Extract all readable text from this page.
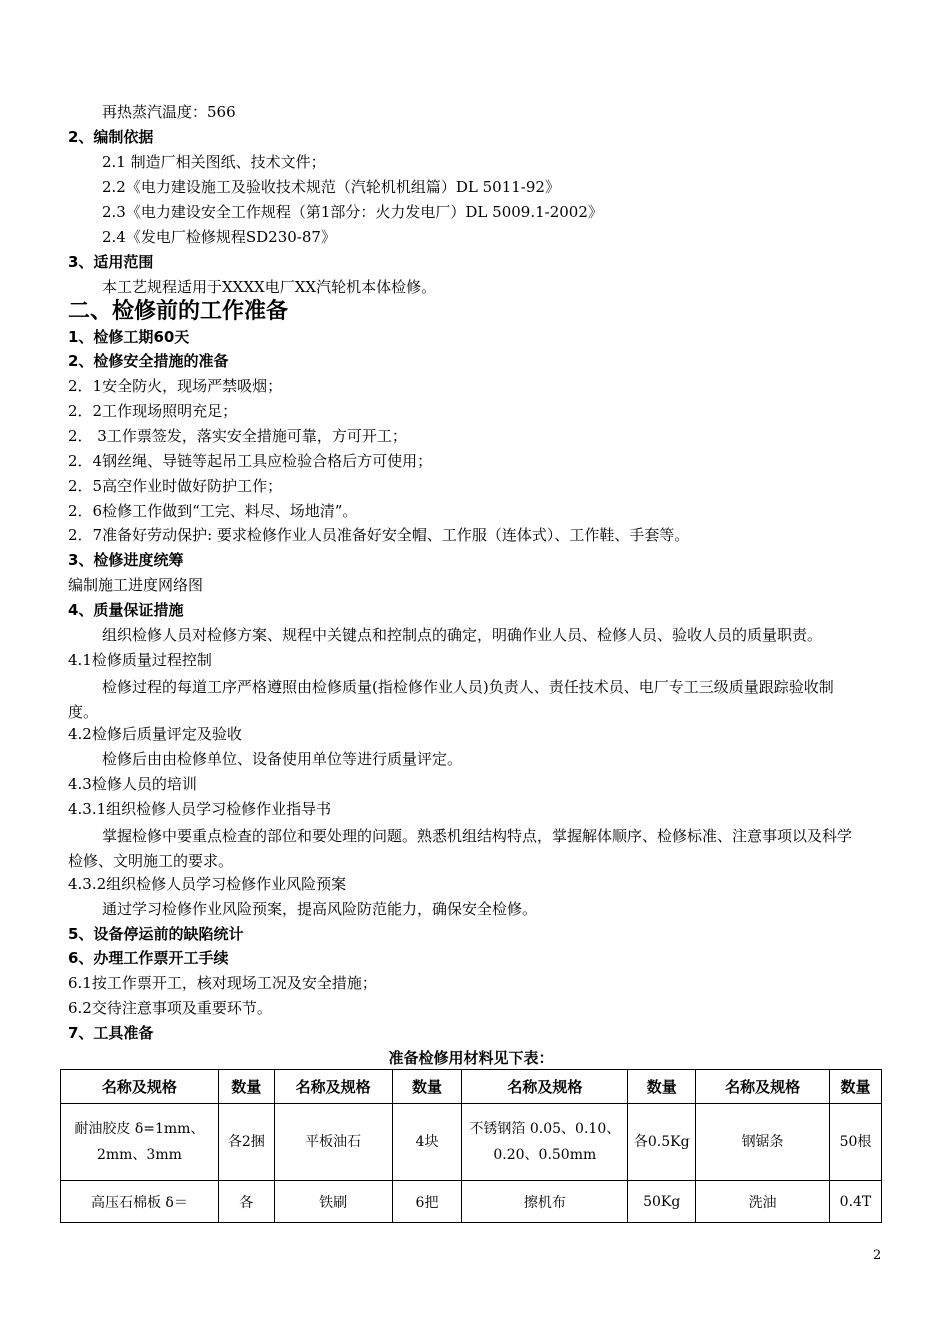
再热蒸汽温度：566
2、编制依据
2.1 制造厂相关图纸、技术文件；
2.2《电力建设施工及验收技术规范（汽轮机机组篇）DL 5011-92》
2.3《电力建设安全工作规程（第1部分：火力发电厂）DL 5009.1-2002》
2.4《发电厂检修规程SD230-87》
3、适用范围
本工艺规程适用于XXXX电厂XX汽轮机本体检修。
二、检修前的工作准备
1、检修工期60天
2、检修安全措施的准备
2．1安全防火，现场严禁吸烟；
2．2工作现场照明充足；
2． 3工作票签发，落实安全措施可靠，方可开工；
2．4钢丝绳、导链等起吊工具应检验合格后方可使用；
2．5高空作业时做好防护工作；
2．6检修工作做到“工完、料尽、场地清”。
2．7准备好劳动保护: 要求检修作业人员准备好安全帽、工作服（连体式）、工作鞋、手套等。
3、检修进度统筹
编制施工进度网络图
4、质量保证措施
组织检修人员对检修方案、规程中关键点和控制点的确定，明确作业人员、检修人员、验收人员的质量职责。
4.1检修质量过程控制
检修过程的每道工序严格遵照由检修质量(指检修作业人员)负责人、责任技术员、电厂专工三级质量跟踪验收制度。
4.2检修后质量评定及验收
检修后由由检修单位、设备使用单位等进行质量评定。
4.3检修人员的培训
4.3.1组织检修人员学习检修作业指导书
掌握检修中要重点检查的部位和要处理的问题。熟悉机组结构特点，掌握解体顺序、检修标准、注意事项以及科学检修、文明施工的要求。
4.3.2组织检修人员学习检修作业风险预案
通过学习检修作业风险预案，提高风险防范能力，确保安全检修。
5、设备停运前的缺陷统计
6、办理工作票开工手续
6.1按工作票开工，核对现场工况及安全措施；
6.2交待注意事项及重要环节。
7、工具准备
准备检修用材料见下表：
名称及规格	数量	名称及规格	数量	名称及规格	数量	名称及规格	数量
耐油胶皮 δ=1mm、2mm、3mm	各2捆	平板油石	4块	不锈钢箔 0.05、0.10、0.20、0.50mm	各0.5Kg	钢锯条	50根
高压石棉板 δ＝	各	铁刷	6把	擦机布	50Kg	洗油	0.4T
2
